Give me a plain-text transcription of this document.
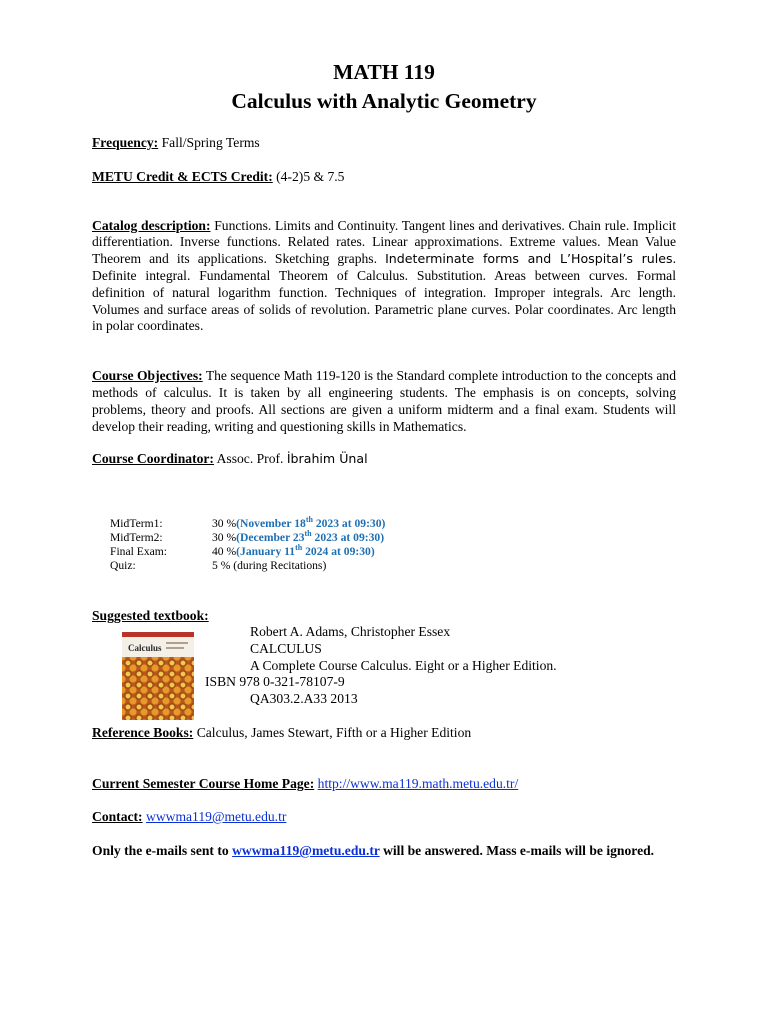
MATH 119
Calculus with Analytic Geometry

Frequency: Fall/Spring Terms

METU Credit & ECTS Credit: (4-2)5 & 7.5

Catalog description: Functions. Limits and Continuity. Tangent lines and derivatives. Chain rule. Implicit differentiation. Inverse functions. Related rates. Linear approximations. Extreme values. Mean Value Theorem and its applications. Sketching graphs. Indeterminate forms and L’Hospital’s rules. Definite integral. Fundamental Theorem of Calculus. Substitution. Areas between curves. Formal definition of natural logarithm function. Techniques of integration. Improper integrals. Arc length. Volumes and surface areas of solids of revolution. Parametric plane curves. Polar coordinates. Arc length in polar coordinates.

Course Objectives: The sequence Math 119-120 is the Standard complete introduction to the concepts and methods of calculus. It is taken by all engineering students. The emphasis is on concepts, solving problems, theory and proofs. All sections are given a uniform midterm and a final exam. Students will develop their reading, writing and questioning skills in Mathematics.

Course Coordinator: Assoc. Prof. İbrahim Ünal

MidTerm1:	30 % (November 18th 2023 at 09:30)
MidTerm2:	30 % (December 23th 2023 at 09:30)
Final Exam:	40 % (January 11th 2024 at 09:30)
Quiz:	5 % (during Recitations)
Suggested textbook:
Calculus
Robert A. Adams, Christopher Essex
CALCULUS
A Complete Course Calculus. Eight or a Higher Edition.
ISBN 978 0-321-78107-9
QA303.2.A33 2013
Reference Books: Calculus, James Stewart, Fifth or a Higher Edition
Current Semester Course Home Page: http://www.ma119.math.metu.edu.tr/
Contact: wwwma119@metu.edu.tr
Only the e-mails sent to wwwma119@metu.edu.tr will be answered. Mass e-mails will be ignored.
